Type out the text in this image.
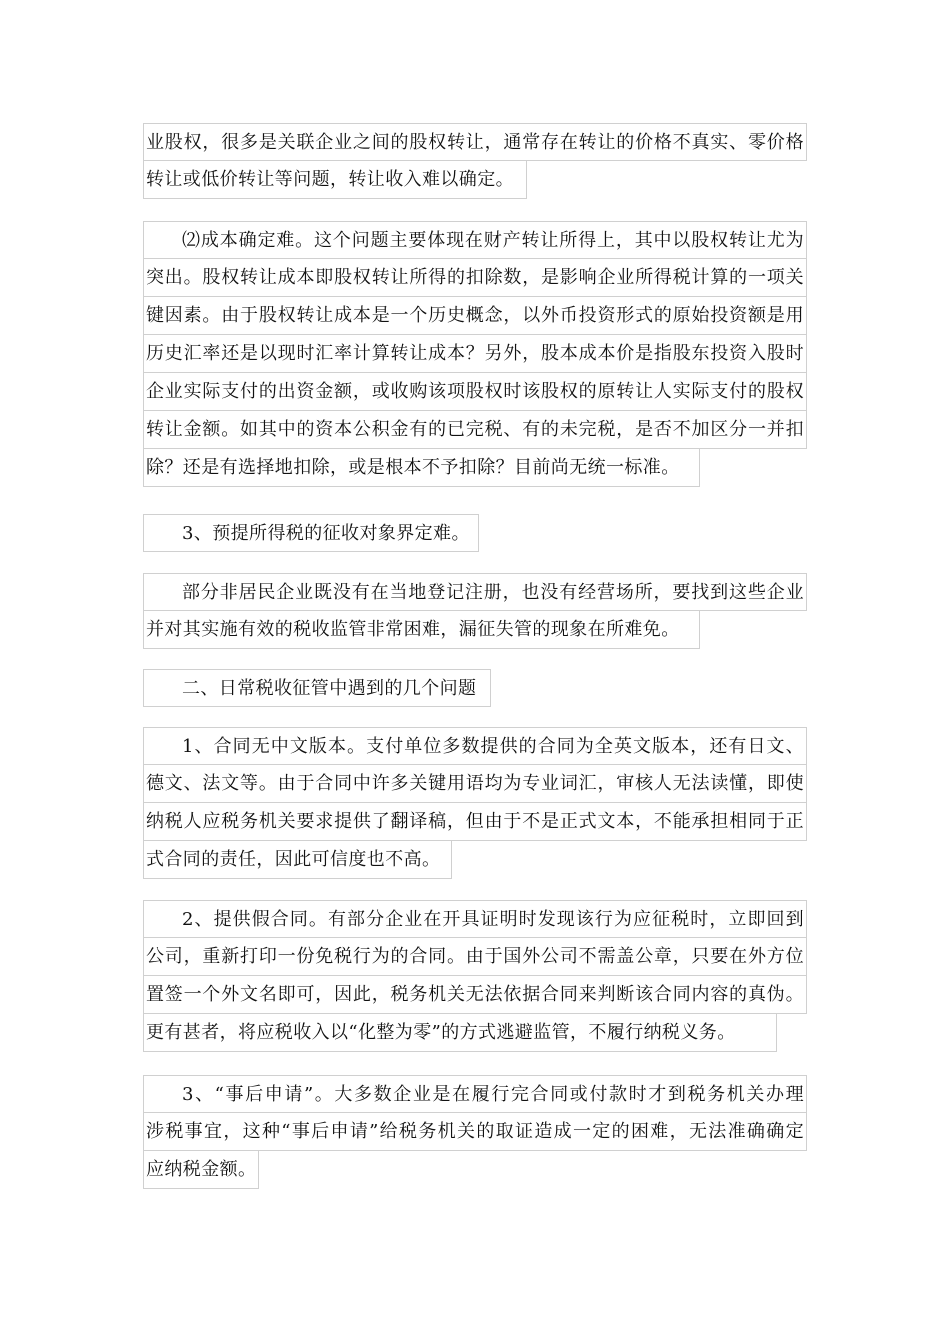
业股权，很多是关联企业之间的股权转让，通常存在转让的价格不真实、零价格
转让或低价转让等问题，转让收入难以确定。
⑵成本确定难。这个问题主要体现在财产转让所得上，其中以股权转让尤为
突出。股权转让成本即股权转让所得的扣除数，是影响企业所得税计算的一项关
键因素。由于股权转让成本是一个历史概念，以外币投资形式的原始投资额是用
历史汇率还是以现时汇率计算转让成本？另外，股本成本价是指股东投资入股时
企业实际支付的出资金额，或收购该项股权时该股权的原转让人实际支付的股权
转让金额。如其中的资本公积金有的已完税、有的未完税，是否不加区分一并扣
除？还是有选择地扣除，或是根本不予扣除？目前尚无统一标准。
3、预提所得税的征收对象界定难。
部分非居民企业既没有在当地登记注册，也没有经营场所，要找到这些企业
并对其实施有效的税收监管非常困难，漏征失管的现象在所难免。
二、日常税收征管中遇到的几个问题
1、合同无中文版本。支付单位多数提供的合同为全英文版本，还有日文、
德文、法文等。由于合同中许多关键用语均为专业词汇，审核人无法读懂，即使
纳税人应税务机关要求提供了翻译稿，但由于不是正式文本，不能承担相同于正
式合同的责任，因此可信度也不高。
2、提供假合同。有部分企业在开具证明时发现该行为应征税时，立即回到
公司，重新打印一份免税行为的合同。由于国外公司不需盖公章，只要在外方位
置签一个外文名即可，因此，税务机关无法依据合同来判断该合同内容的真伪。
更有甚者，将应税收入以“化整为零”的方式逃避监管，不履行纳税义务。
3、“事后申请”。大多数企业是在履行完合同或付款时才到税务机关办理
涉税事宜，这种“事后申请”给税务机关的取证造成一定的困难，无法准确确定
应纳税金额。
